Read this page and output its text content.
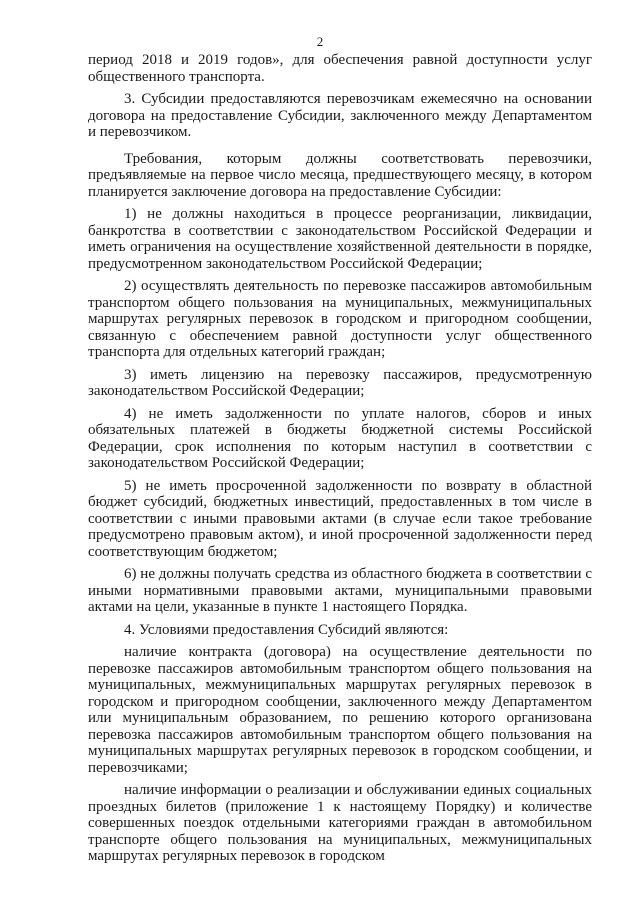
2

период 2018 и 2019 годов», для обеспечения равной доступности услуг общественного транспорта.

3. Субсидии предоставляются перевозчикам ежемесячно на основании договора на предоставление Субсидии, заключенного между Департаментом и перевозчиком.

Требования, которым должны соответствовать перевозчики, предъявляемые на первое число месяца, предшествующего месяцу, в котором планируется заключение договора на предоставление Субсидии:

1) не должны находиться в процессе реорганизации, ликвидации, банкротства в соответствии с законодательством Российской Федерации и иметь ограничения на осуществление хозяйственной деятельности в порядке, предусмотренном законодательством Российской Федерации;

2) осуществлять деятельность по перевозке пассажиров автомобильным транспортом общего пользования на муниципальных, межмуниципальных маршрутах регулярных перевозок в городском и пригородном сообщении, связанную с обеспечением равной доступности услуг общественного транспорта для отдельных категорий граждан;

3) иметь лицензию на перевозку пассажиров, предусмотренную законодательством Российской Федерации;

4) не иметь задолженности по уплате налогов, сборов и иных обязательных платежей в бюджеты бюджетной системы Российской Федерации, срок исполнения по которым наступил в соответствии с законодательством Российской Федерации;

5) не иметь просроченной задолженности по возврату в областной бюджет субсидий, бюджетных инвестиций, предоставленных в том числе в соответствии с иными правовыми актами (в случае если такое требование предусмотрено правовым актом), и иной просроченной задолженности перед соответствующим бюджетом;

6) не должны получать средства из областного бюджета в соответствии с иными нормативными правовыми актами, муниципальными правовыми актами на цели, указанные в пункте 1 настоящего Порядка.

4. Условиями предоставления Субсидий являются:

наличие контракта (договора) на осуществление деятельности по перевозке пассажиров автомобильным транспортом общего пользования на муниципальных, межмуниципальных маршрутах регулярных перевозок в городском и пригородном сообщении, заключенного между Департаментом или муниципальным образованием, по решению которого организована перевозка пассажиров автомобильным транспортом общего пользования на муниципальных маршрутах регулярных перевозок в городском сообщении, и перевозчиками;

наличие информации о реализации и обслуживании единых социальных проездных билетов (приложение 1 к настоящему Порядку) и количестве совершенных поездок отдельными категориями граждан в автомобильном транспорте общего пользования на муниципальных, межмуниципальных маршрутах регулярных перевозок в городском
